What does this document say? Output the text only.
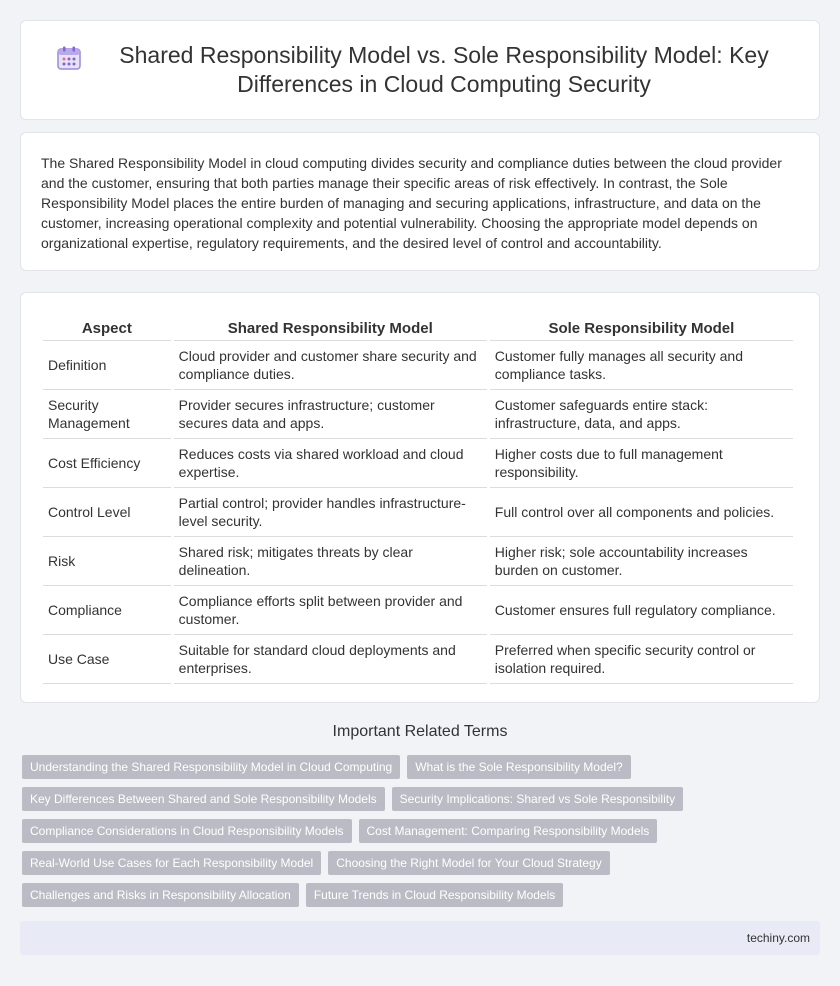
Shared Responsibility Model vs. Sole Responsibility Model: Key Differences in Cloud Computing Security

The Shared Responsibility Model in cloud computing divides security and compliance duties between the cloud provider and the customer, ensuring that both parties manage their specific areas of risk effectively. In contrast, the Sole Responsibility Model places the entire burden of managing and securing applications, infrastructure, and data on the customer, increasing operational complexity and potential vulnerability. Choosing the appropriate model depends on organizational expertise, regulatory requirements, and the desired level of control and accountability.

Aspect	Shared Responsibility Model	Sole Responsibility Model
Definition	Cloud provider and customer share security and compliance duties.	Customer fully manages all security and compliance tasks.
Security Management	Provider secures infrastructure; customer secures data and apps.	Customer safeguards entire stack: infrastructure, data, and apps.
Cost Efficiency	Reduces costs via shared workload and cloud expertise.	Higher costs due to full management responsibility.
Control Level	Partial control; provider handles infrastructure-level security.	Full control over all components and policies.
Risk	Shared risk; mitigates threats by clear delineation.	Higher risk; sole accountability increases burden on customer.
Compliance	Compliance efforts split between provider and customer.	Customer ensures full regulatory compliance.
Use Case	Suitable for standard cloud deployments and enterprises.	Preferred when specific security control or isolation required.
Important Related Terms
Understanding the Shared Responsibility Model in Cloud Computing	What is the Sole Responsibility Model?
Key Differences Between Shared and Sole Responsibility Models	Security Implications: Shared vs Sole Responsibility
Compliance Considerations in Cloud Responsibility Models	Cost Management: Comparing Responsibility Models
Real-World Use Cases for Each Responsibility Model	Choosing the Right Model for Your Cloud Strategy
Challenges and Risks in Responsibility Allocation	Future Trends in Cloud Responsibility Models
techiny.com
